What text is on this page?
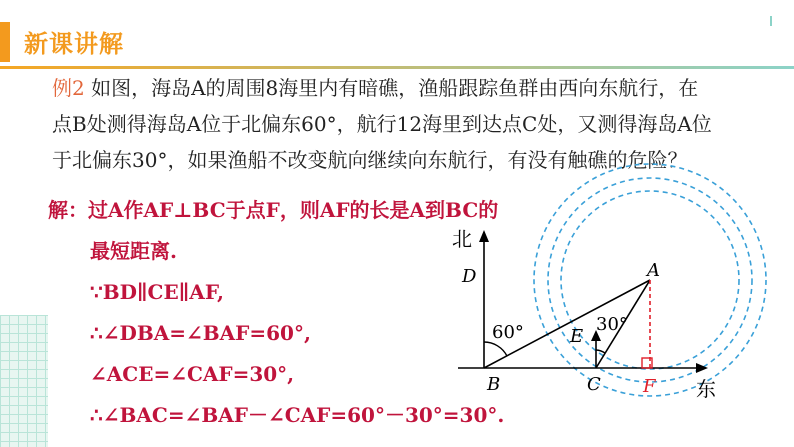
新课讲解

例2 如图，海岛A的周围8海里内有暗礁，渔船跟踪鱼群由西向东航行，在

点B处测得海岛A位于北偏东60°，航行12海里到达点C处，又测得海岛A位

于北偏东30°，如果渔船不改变航向继续向东航行，有没有触礁的危险？

解：过A作AF⊥BC于点F，则AF的长是A到BC的

最短距离.

∵BD∥CE∥AF,

∴∠DBA=∠BAF=60°,

∠ACE=∠CAF=30°,

∴∠BAC=∠BAF－∠CAF=60°－30°=30°.

北
东
A
B	C
D
E
F
60°	30°
